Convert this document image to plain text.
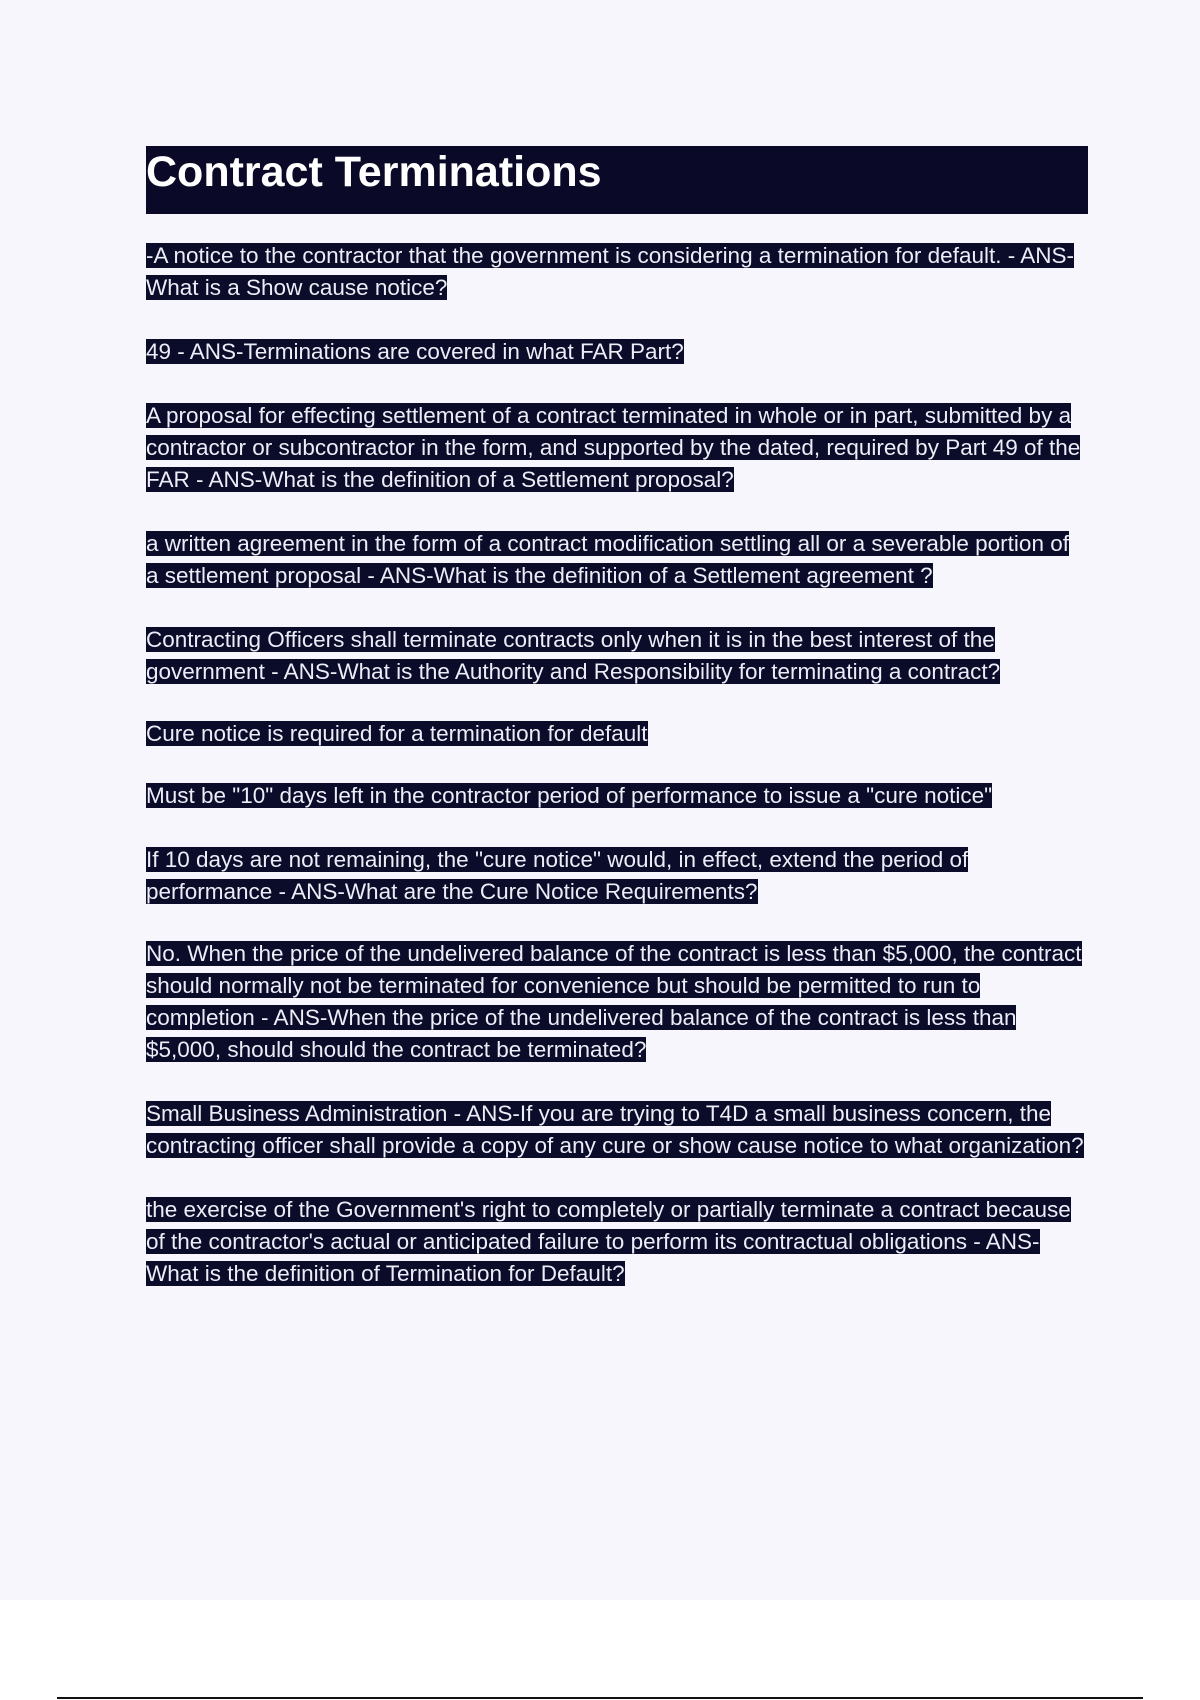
Contract Terminations

-A notice to the contractor that the government is considering a termination for default. - ANS-What is a Show cause notice?

49 - ANS-Terminations are covered in what FAR Part?

A proposal for effecting settlement of a contract terminated in whole or in part, submitted by a contractor or subcontractor in the form, and supported by the dated, required by Part 49 of the FAR - ANS-What is the definition of a Settlement proposal?

a written agreement in the form of a contract modification settling all or a severable portion of a settlement proposal - ANS-What is the definition of a Settlement agreement ?

Contracting Officers shall terminate contracts only when it is in the best interest of the government - ANS-What is the Authority and Responsibility for terminating a contract?

Cure notice is required for a termination for default

Must be "10" days left in the contractor period of performance to issue a "cure notice"

If 10 days are not remaining, the "cure notice" would, in effect, extend the period of performance - ANS-What are the Cure Notice Requirements?

No. When the price of the undelivered balance of the contract is less than $5,000, the contract should normally not be terminated for convenience but should be permitted to run to completion - ANS-When the price of the undelivered balance of the contract is less than $5,000, should should the contract be terminated?

Small Business Administration - ANS-If you are trying to T4D a small business concern, the contracting officer shall provide a copy of any cure or show cause notice to what organization?

the exercise of the Government's right to completely or partially terminate a contract because of the contractor's actual or anticipated failure to perform its contractual obligations - ANS-What is the definition of Termination for Default?
